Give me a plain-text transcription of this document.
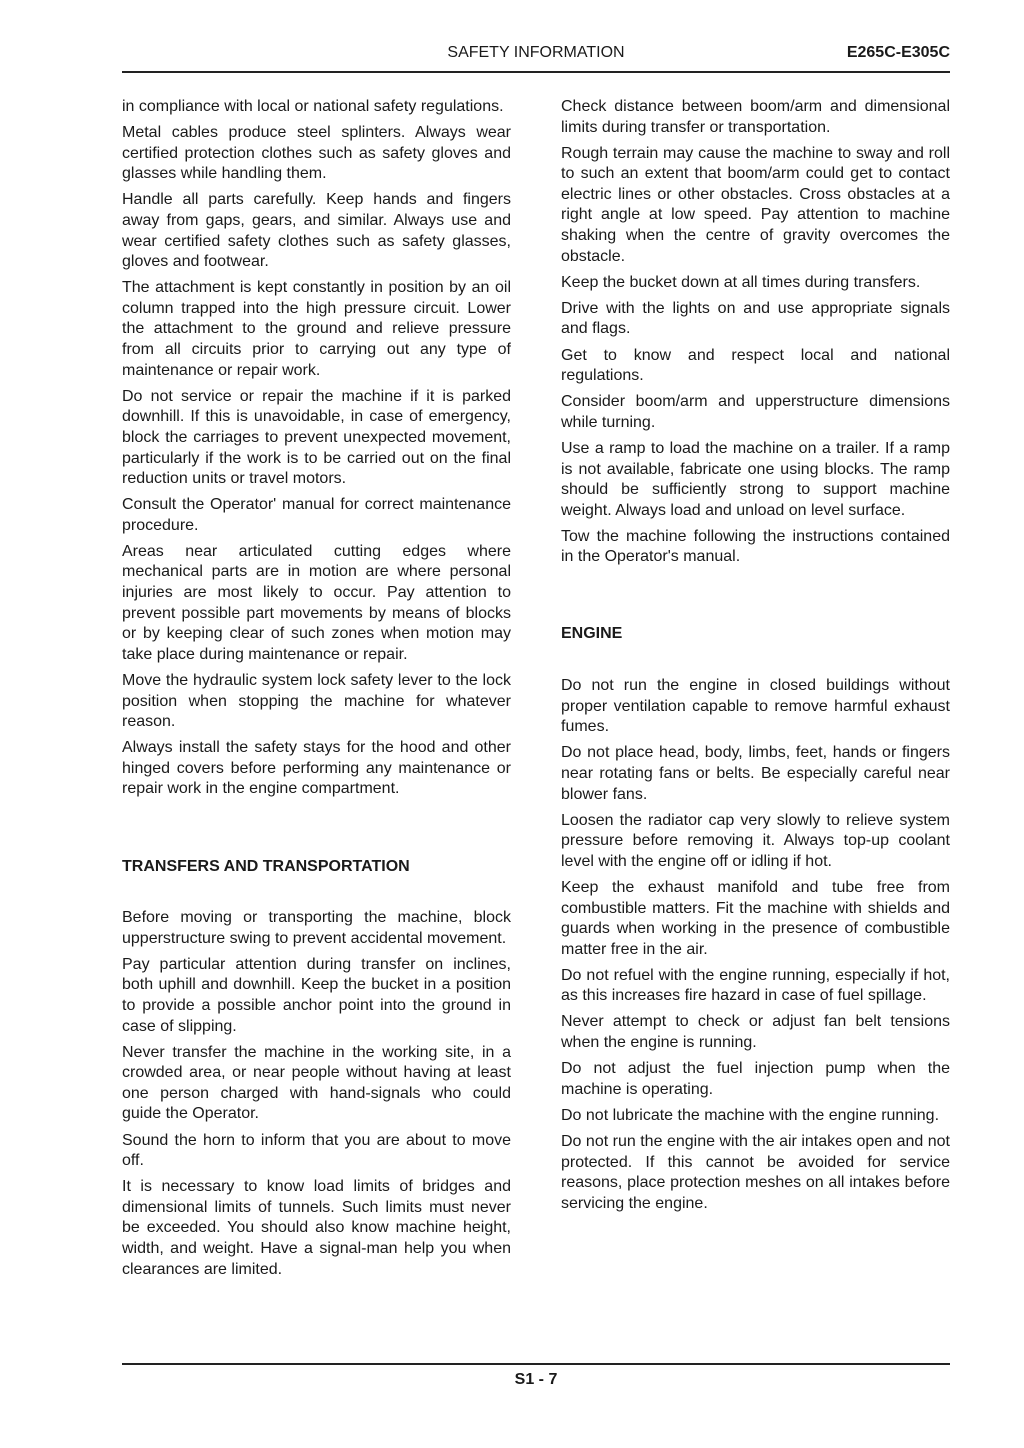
SAFETY INFORMATION	E265C-E305C

in compliance with local or national safety regulations.

Metal cables produce steel splinters. Always wear certified protection clothes such as safety gloves and glasses while handling them.

Handle all parts carefully. Keep hands and fingers away from gaps, gears, and similar. Always use and wear certified safety clothes such as safety glasses, gloves and footwear.

The attachment is kept constantly in position by an oil column trapped into the high pressure circuit. Lower the attachment to the ground and relieve pressure from all circuits prior to carrying out any type of maintenance or repair work.

Do not service or repair the machine if it is parked downhill. If this is unavoidable, in case of emergency, block the carriages to prevent unexpected movement, particularly if the work is to be carried out on the final reduction units or travel motors.

Consult the Operator' manual for correct maintenance procedure.

Areas near articulated cutting edges where mechanical parts are in motion are where personal injuries are most likely to occur. Pay attention to prevent possible part movements by means of blocks or by keeping clear of such zones when motion may take place during maintenance or repair.

Move the hydraulic system lock safety lever to the lock position when stopping the machine for whatever reason.

Always install the safety stays for the hood and other hinged covers before performing any maintenance or repair work in the engine compartment.

TRANSFERS AND TRANSPORTATION

Before moving or transporting the machine, block upperstructure swing to prevent accidental movement.

Pay particular attention during transfer on inclines, both uphill and downhill. Keep the bucket in a position to provide a possible anchor point into the ground in case of slipping.

Never transfer the machine in the working site, in a crowded area, or near people without having at least one person charged with hand-signals who could guide the Operator.

Sound the horn to inform that you are about to move off.

It is necessary to know load limits of bridges and dimensional limits of tunnels. Such limits must never be exceeded. You should also know machine height, width, and weight. Have a signal-man help you when clearances are limited.

Check distance between boom/arm and dimensional limits during transfer or transportation.

Rough terrain may cause the machine to sway and roll to such an extent that boom/arm could get to contact electric lines or other obstacles. Cross obstacles at a right angle at low speed. Pay attention to machine shaking when the centre of gravity overcomes the obstacle.

Keep the bucket down at all times during transfers.

Drive with the lights on and use appropriate signals and flags.

Get to know and respect local and national regulations.

Consider boom/arm and upperstructure dimensions while turning.

Use a ramp to load the machine on a trailer. If a ramp is not available, fabricate one using blocks. The ramp should be sufficiently strong to support machine weight. Always load and unload on level surface.

Tow the machine following the instructions contained in the Operator's manual.

ENGINE

Do not run the engine in closed buildings without proper ventilation capable to remove harmful exhaust fumes.

Do not place head, body, limbs, feet, hands or fingers near rotating fans or belts. Be especially careful near blower fans.

Loosen the radiator cap very slowly to relieve system pressure before removing it. Always top-up coolant level with the engine off or idling if hot.

Keep the exhaust manifold and tube free from combustible matters. Fit the machine with shields and guards when working in the presence of combustible matter free in the air.

Do not refuel with the engine running, especially if hot, as this increases fire hazard in case of fuel spillage.

Never attempt to check or adjust fan belt tensions when the engine is running.

Do not adjust the fuel injection pump when the machine is operating.

Do not lubricate the machine with the engine running.

Do not run the engine with the air intakes open and not protected. If this cannot be avoided for service reasons, place protection meshes on all intakes before servicing the engine.

S1 - 7
